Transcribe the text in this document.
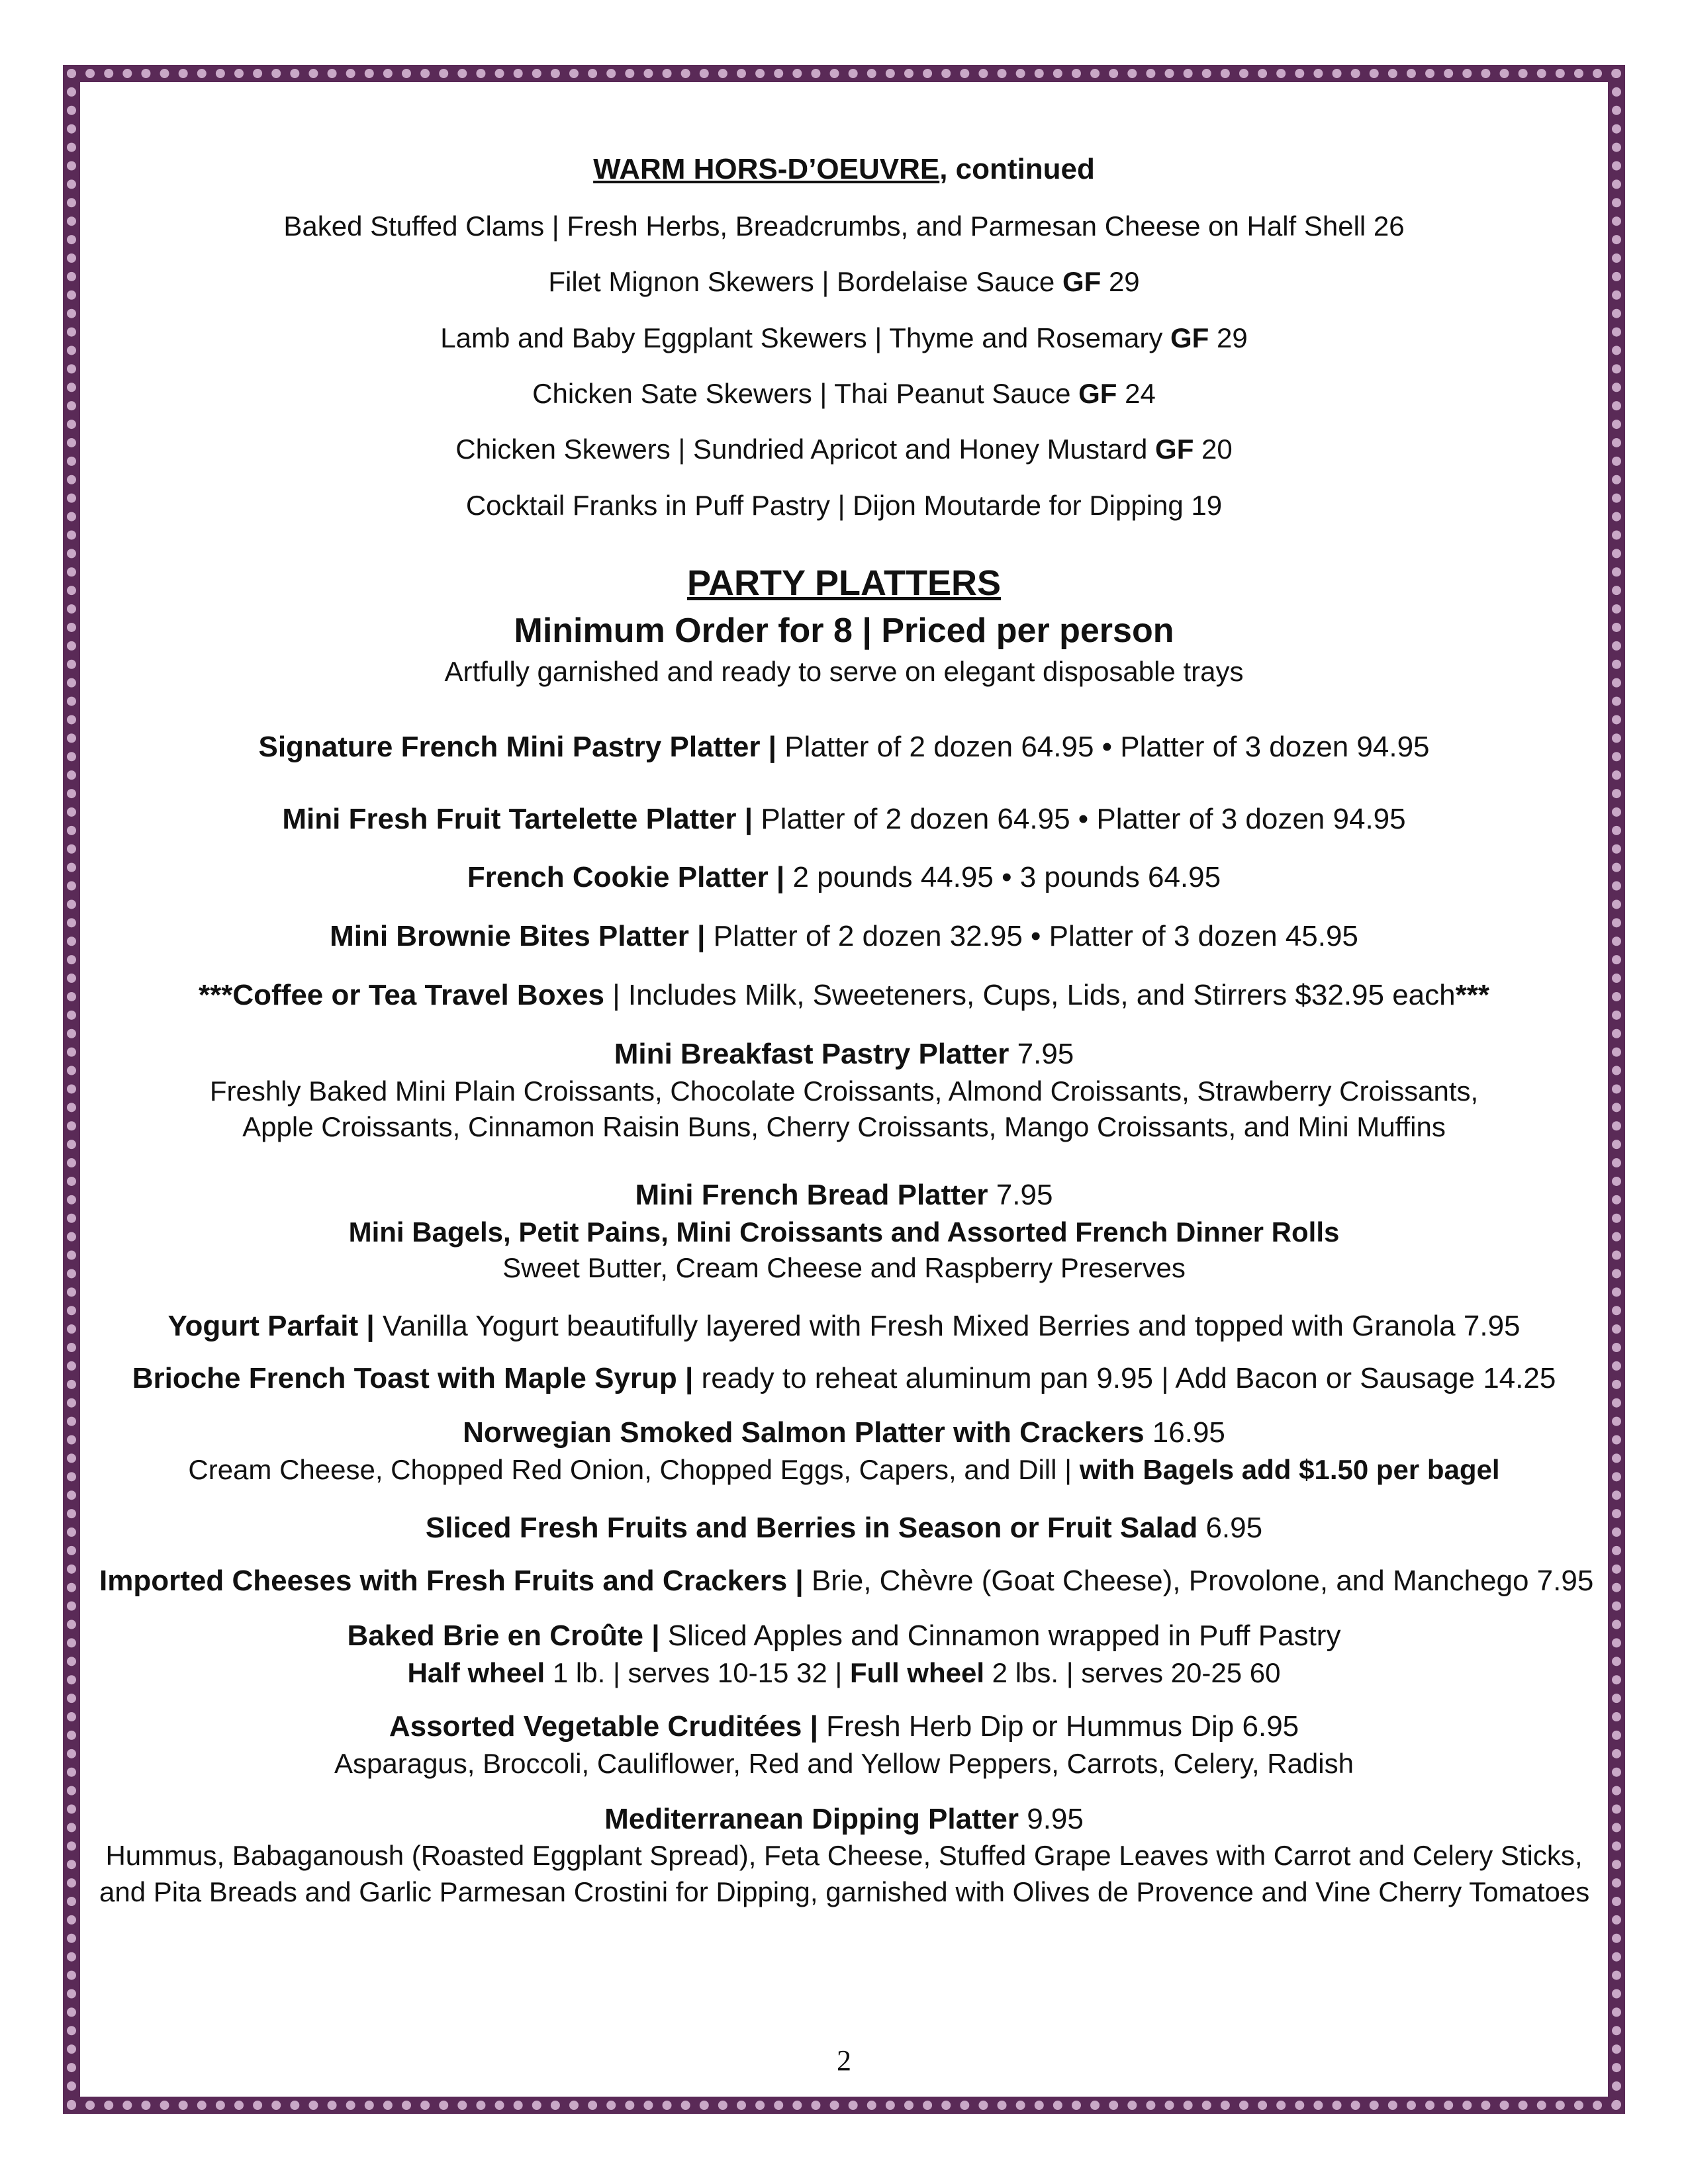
WARM HORS-D’OEUVRE, continued

Baked Stuffed Clams | Fresh Herbs, Breadcrumbs, and Parmesan Cheese on Half Shell 26

Filet Mignon Skewers | Bordelaise Sauce GF 29

Lamb and Baby Eggplant Skewers | Thyme and Rosemary GF 29

Chicken Sate Skewers | Thai Peanut Sauce GF 24

Chicken Skewers | Sundried Apricot and Honey Mustard GF 20

Cocktail Franks in Puff Pastry | Dijon Moutarde for Dipping 19

PARTY PLATTERS

Minimum Order for 8 | Priced per person

Artfully garnished and ready to serve on elegant disposable trays

Signature French Mini Pastry Platter | Platter of 2 dozen 64.95 • Platter of 3 dozen 94.95

Mini Fresh Fruit Tartelette Platter | Platter of 2 dozen 64.95 • Platter of 3 dozen 94.95

French Cookie Platter | 2 pounds 44.95 • 3 pounds 64.95

Mini Brownie Bites Platter | Platter of 2 dozen 32.95 • Platter of 3 dozen 45.95

***Coffee or Tea Travel Boxes | Includes Milk, Sweeteners, Cups, Lids, and Stirrers $32.95 each***

Mini Breakfast Pastry Platter 7.95

Freshly Baked Mini Plain Croissants, Chocolate Croissants, Almond Croissants, Strawberry Croissants,

Apple Croissants, Cinnamon Raisin Buns, Cherry Croissants, Mango Croissants, and Mini Muffins

Mini French Bread Platter 7.95

Mini Bagels, Petit Pains, Mini Croissants and Assorted French Dinner Rolls

Sweet Butter, Cream Cheese and Raspberry Preserves

Yogurt Parfait | Vanilla Yogurt beautifully layered with Fresh Mixed Berries and topped with Granola 7.95

Brioche French Toast with Maple Syrup | ready to reheat aluminum pan 9.95 | Add Bacon or Sausage 14.25

Norwegian Smoked Salmon Platter with Crackers 16.95

Cream Cheese, Chopped Red Onion, Chopped Eggs, Capers, and Dill | with Bagels add $1.50 per bagel

Sliced Fresh Fruits and Berries in Season or Fruit Salad 6.95

Imported Cheeses with Fresh Fruits and Crackers | Brie, Chèvre (Goat Cheese), Provolone, and Manchego 7.95

Baked Brie en Croûte | Sliced Apples and Cinnamon wrapped in Puff Pastry

Half wheel 1 lb. | serves 10-15 32 | Full wheel 2 lbs. | serves 20-25 60

Assorted Vegetable Cruditées | Fresh Herb Dip or Hummus Dip 6.95

Asparagus, Broccoli, Cauliflower, Red and Yellow Peppers, Carrots, Celery, Radish

Mediterranean Dipping Platter 9.95

Hummus, Babaganoush (Roasted Eggplant Spread), Feta Cheese, Stuffed Grape Leaves with Carrot and Celery Sticks,

and Pita Breads and Garlic Parmesan Crostini for Dipping, garnished with Olives de Provence and Vine Cherry Tomatoes

2
